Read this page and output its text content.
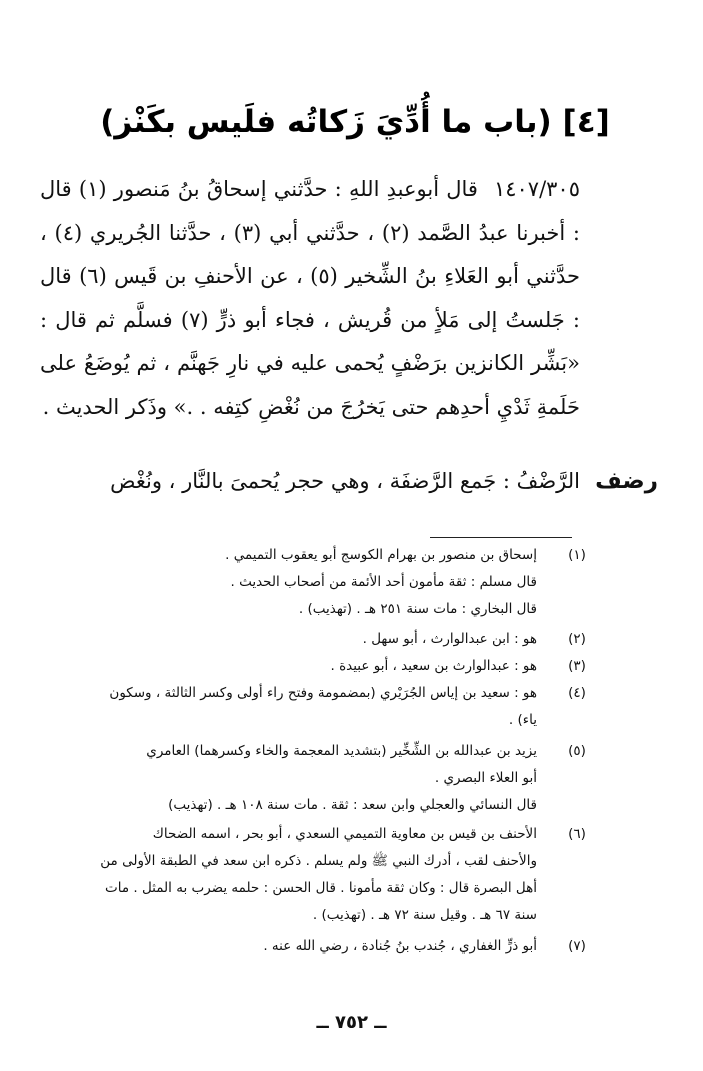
[٤] (باب ما أُدِّيَ زَكاتُه فلَيس بكَنْز)

١٤٠٧/٣٠٥قال أبوعبدِ اللهِ : حدَّثني إسحاقُ بنُ مَنصور (١) قال : أخبرنا عبدُ الصَّمد (٢) ، حدَّثني أبي (٣) ، حدَّثنا الجُريري (٤) ، حدَّثني أبو العَلاءِ بنُ الشِّخير (٥) ، عن الأحنفِ بن قَيس (٦) قال : جَلستُ إلى مَلأٍ من قُريش ، فجاء أبو ذرٍّ (٧) فسلَّم ثم قال : «بَشِّر الكانزين برَضْفٍ يُحمى عليه في نارِ جَهنَّم ، ثم يُوضَعُ على حَلَمةِ ثَدْيِ أحدِهم حتى يَخرُجَ من نُغْضِ كتِفه . .» وذَكر الحديث .

رضف
الرَّضْفُ : جَمع الرَّضفَة ، وهي حجر يُحمىَ بالنَّار ، ونُغْض
(١)
إسحاق بن منصور بن بهرام الكوسج أبو يعقوب التميمي .
قال مسلم : ثقة مأمون أحد الأئمة من أصحاب الحديث .
قال البخاري : مات سنة ٢٥١ هـ . (تهذيب) .
(٢)
هو : ابن عبدالوارث ، أبو سهل .
(٣)
هو : عبدالوارث بن سعيد ، أبو عبيدة .
(٤)
هو : سعيد بن إياس الجُرَيْري (بمضمومة وفتح راء أولى وكسر الثالثة ، وسكون
ياء) .
(٥)
يزيد بن عبدالله بن الشِّخِّير (بتشديد المعجمة والخاء وكسرهما) العامري
أبو العلاء البصري .
قال النسائي والعجلي وابن سعد : ثقة . مات سنة ١٠٨ هـ . (تهذيب)
(٦)
الأحنف بن قيس بن معاوية التميمي السعدي ، أبو بحر ، اسمه الضحاك
والأحنف لقب ، أدرك النبي ﷺ ولم يسلم . ذكره ابن سعد في الطبقة الأولى من
أهل البصرة قال : وكان ثقة مأمونا . قال الحسن : حلمه يضرب به المثل . مات
سنة ٦٧ هـ . وقيل سنة ٧٢ هـ . (تهذيب) .
(٧)
أبو ذرٍّ الغفاري ، جُندب بنُ جُنادة ، رضي الله عنه .
ــ ٧٥٢ ــ
